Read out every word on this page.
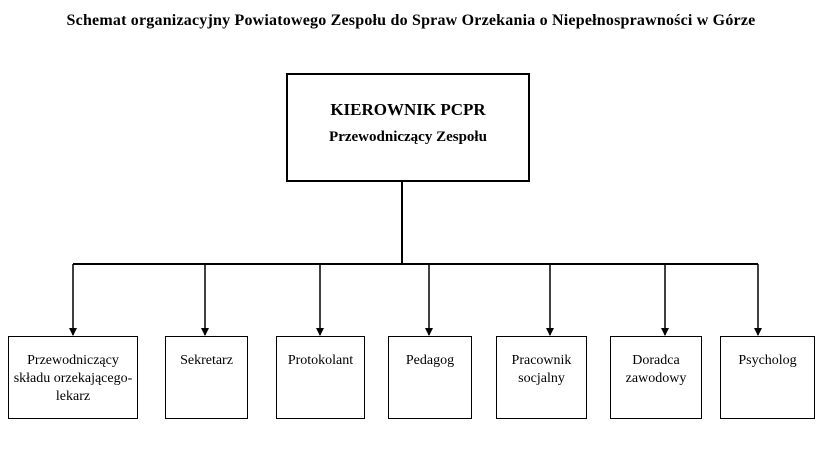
Schemat organizacyjny Powiatowego Zespołu do Spraw Orzekania o Niepełnosprawności w Górze
KIEROWNIK PCPR
Przewodniczący Zespołu
Przewodniczący składu orzekającego-lekarz
Sekretarz	Protokolant	Pedagog	Pracownik socjalny
Doradca zawodowy
Psycholog
